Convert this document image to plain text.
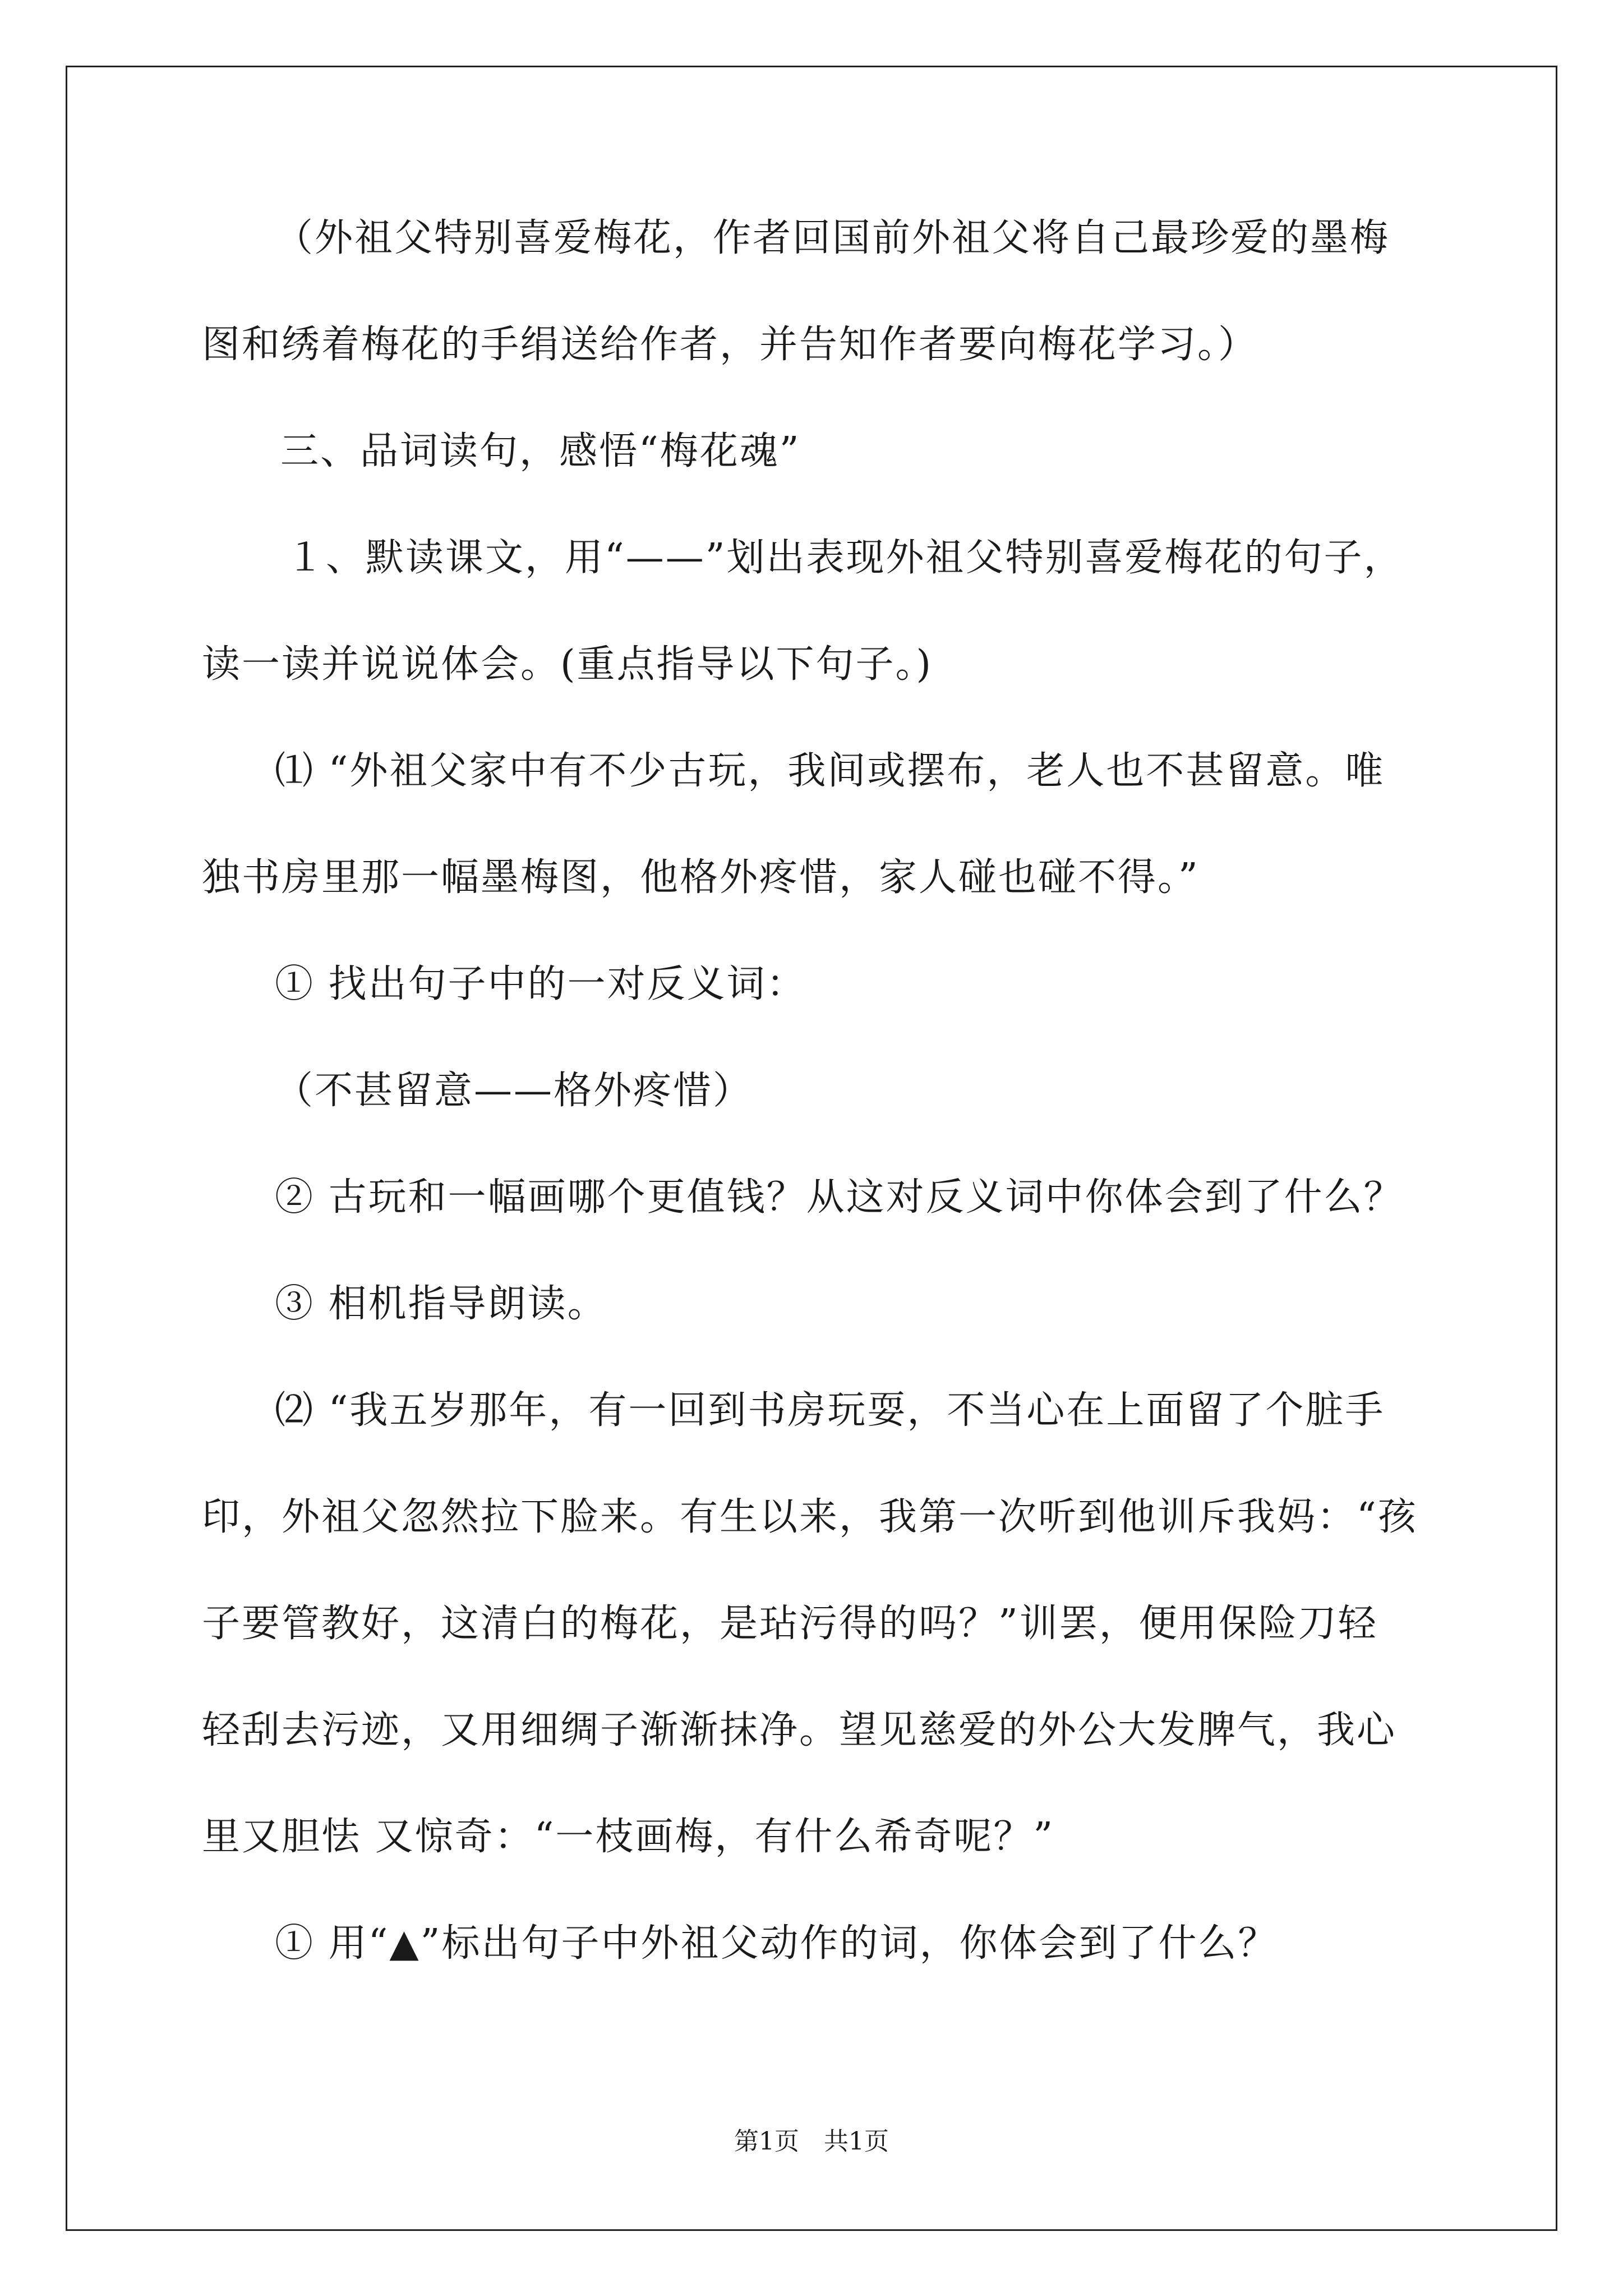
（外祖父特别喜爱梅花，作者回国前外祖父将自己最珍爱的墨梅
图和绣着梅花的手绢送给作者，并告知作者要向梅花学习。）
三、品词读句，感悟“梅花魂”
１、默读课文，用“——”划出表现外祖父特别喜爱梅花的句子，
读一读并说说体会。(重点指导以下句子。)
⑴ “外祖父家中有不少古玩，我间或摆布，老人也不甚留意。唯
独书房里那一幅墨梅图，他格外疼惜，家人碰也碰不得。”
① 找出句子中的一对反义词：
（不甚留意——格外疼惜）
② 古玩和一幅画哪个更值钱？从这对反义词中你体会到了什么？
③ 相机指导朗读。
⑵ “我五岁那年，有一回到书房玩耍，不当心在上面留了个脏手
印，外祖父忽然拉下脸来。有生以来，我第一次听到他训斥我妈：“孩
子要管教好，这清白的梅花，是玷污得的吗？”训罢，便用保险刀轻
轻刮去污迹，又用细绸子渐渐抹净。望见慈爱的外公大发脾气，我心
里又胆怯 又惊奇：“一枝画梅，有什么希奇呢？”
① 用“▲”标出句子中外祖父动作的词，你体会到了什么？
第1页　共1页
